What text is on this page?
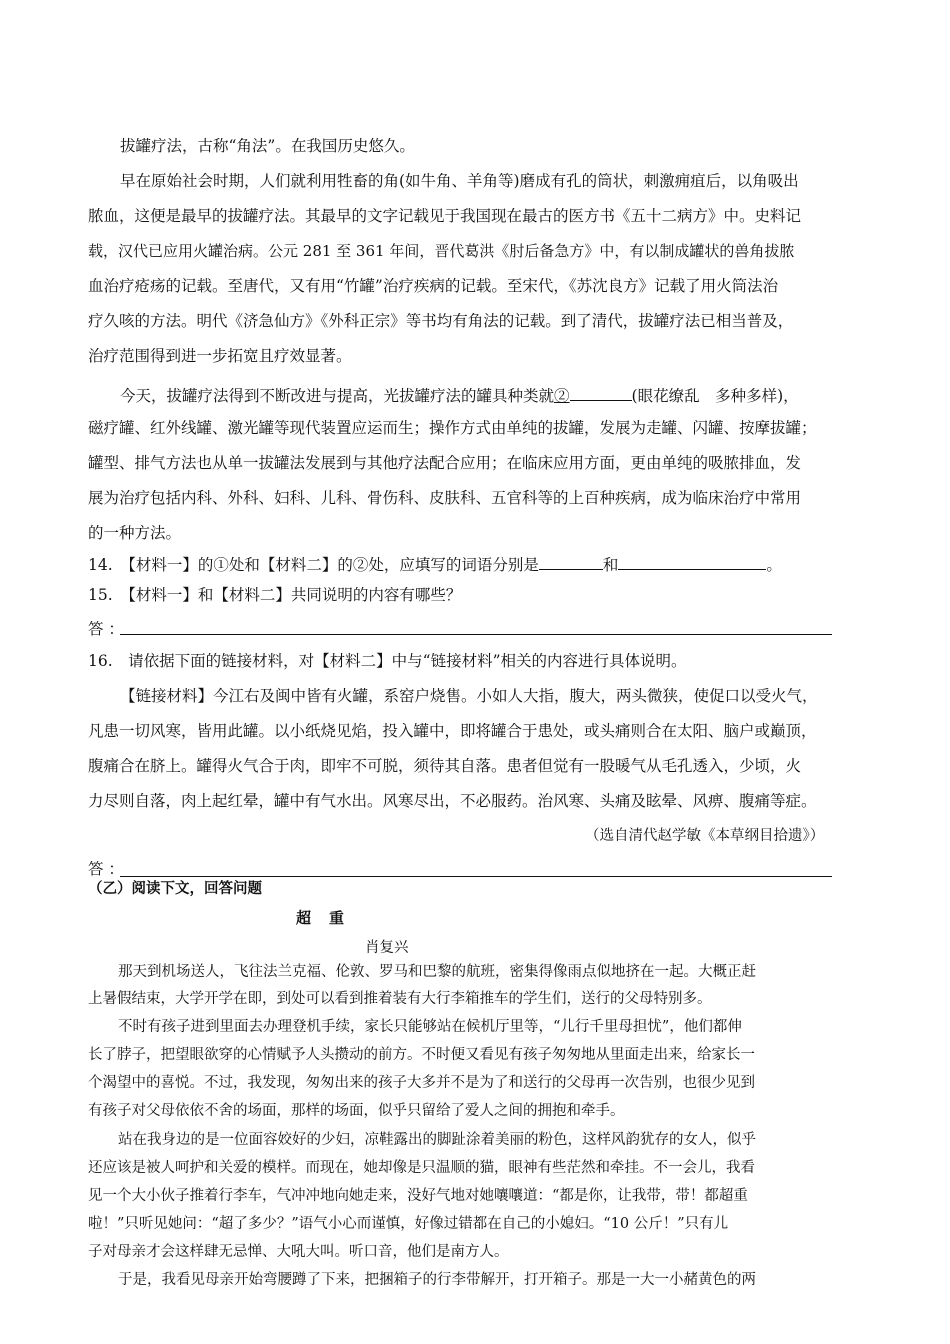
拔罐疗法，古称“角法”。在我国历史悠久。

早在原始社会时期，人们就利用牲畜的角(如牛角、羊角等)磨成有孔的筒状，刺激痈疽后，以角吸出

脓血，这便是最早的拔罐疗法。其最早的文字记载见于我国现在最古的医方书《五十二病方》中。史料记

载，汉代已应用火罐治病。公元 281 至 361 年间，晋代葛洪《肘后备急方》中，有以制成罐状的兽角拔脓

血治疗疮疡的记载。至唐代，又有用“竹罐”治疗疾病的记载。至宋代，《苏沈良方》记载了用火筒法治

疗久咳的方法。明代《济急仙方》《外科正宗》等书均有角法的记载。到了清代，拔罐疗法已相当普及，

治疗范围得到进一步拓宽且疗效显著。

今天，拔罐疗法得到不断改进与提高，光拔罐疗法的罐具种类就②	(眼花缭乱　多种多样)，

磁疗罐、红外线罐、激光罐等现代装置应运而生；操作方式由单纯的拔罐，发展为走罐、闪罐、按摩拔罐；

罐型、排气方法也从单一拔罐法发展到与其他疗法配合应用；在临床应用方面，更由单纯的吸脓排血，发

展为治疗包括内科、外科、妇科、儿科、骨伤科、皮肤科、五官科等的上百种疾病，成为临床治疗中常用

的一种方法。

14.　【材料一】的①处和【材料二】的②处，应填写的词语分别是	和	。

15.　【材料一】和【材料二】共同说明的内容有哪些？

答 ：

16.　请依据下面的链接材料，对【材料二】中与“链接材料”相关的内容进行具体说明。

【链接材料】今江右及闽中皆有火罐，系窑户烧售。小如人大指，腹大，两头微狭，使促口以受火气，

凡患一切风寒，皆用此罐。以小纸烧见焰，投入罐中，即将罐合于患处，或头痛则合在太阳、脑户或巅顶，

腹痛合在脐上。罐得火气合于肉，即牢不可脱，须待其自落。患者但觉有一股暖气从毛孔透入，少顷，火

力尽则自落，肉上起红晕，罐中有气水出。风寒尽出，不必服药。治风寒、头痛及眩晕、风痹、腹痛等症。

（选自清代赵学敏《本草纲目拾遗》）

答 ：

（乙）阅读下文，回答问题

超重
肖复兴

那天到机场送人，飞往法兰克福、伦敦、罗马和巴黎的航班，密集得像雨点似地挤在一起。大概正赶

上暑假结束，大学开学在即，到处可以看到推着装有大行李箱推车的学生们，送行的父母特别多。

不时有孩子进到里面去办理登机手续，家长只能够站在候机厅里等，“儿行千里母担忧”，他们都伸

长了脖子，把望眼欲穿的心情赋予人头攒动的前方。不时便又看见有孩子匆匆地从里面走出来，给家长一

个渴望中的喜悦。不过，我发现，匆匆出来的孩子大多并不是为了和送行的父母再一次告别，也很少见到

有孩子对父母依依不舍的场面，那样的场面，似乎只留给了爱人之间的拥抱和牵手。

站在我身边的是一位面容姣好的少妇，凉鞋露出的脚趾涂着美丽的粉色，这样风韵犹存的女人，似乎

还应该是被人呵护和关爱的模样。而现在，她却像是只温顺的猫，眼神有些茫然和牵挂。不一会儿，我看

见一个大小伙子推着行李车，气冲冲地向她走来，没好气地对她嚷嚷道：“都是你，让我带，带！都超重

啦！”只听见她问：“超了多少？”语气小心而谨慎，好像过错都在自己的小媳妇。“10 公斤！”只有儿

子对母亲才会这样肆无忌惮、大吼大叫。听口音，他们是南方人。

于是，我看见母亲开始弯腰蹲了下来，把捆箱子的行李带解开，打开箱子。那是一大一小赭黄色的两
